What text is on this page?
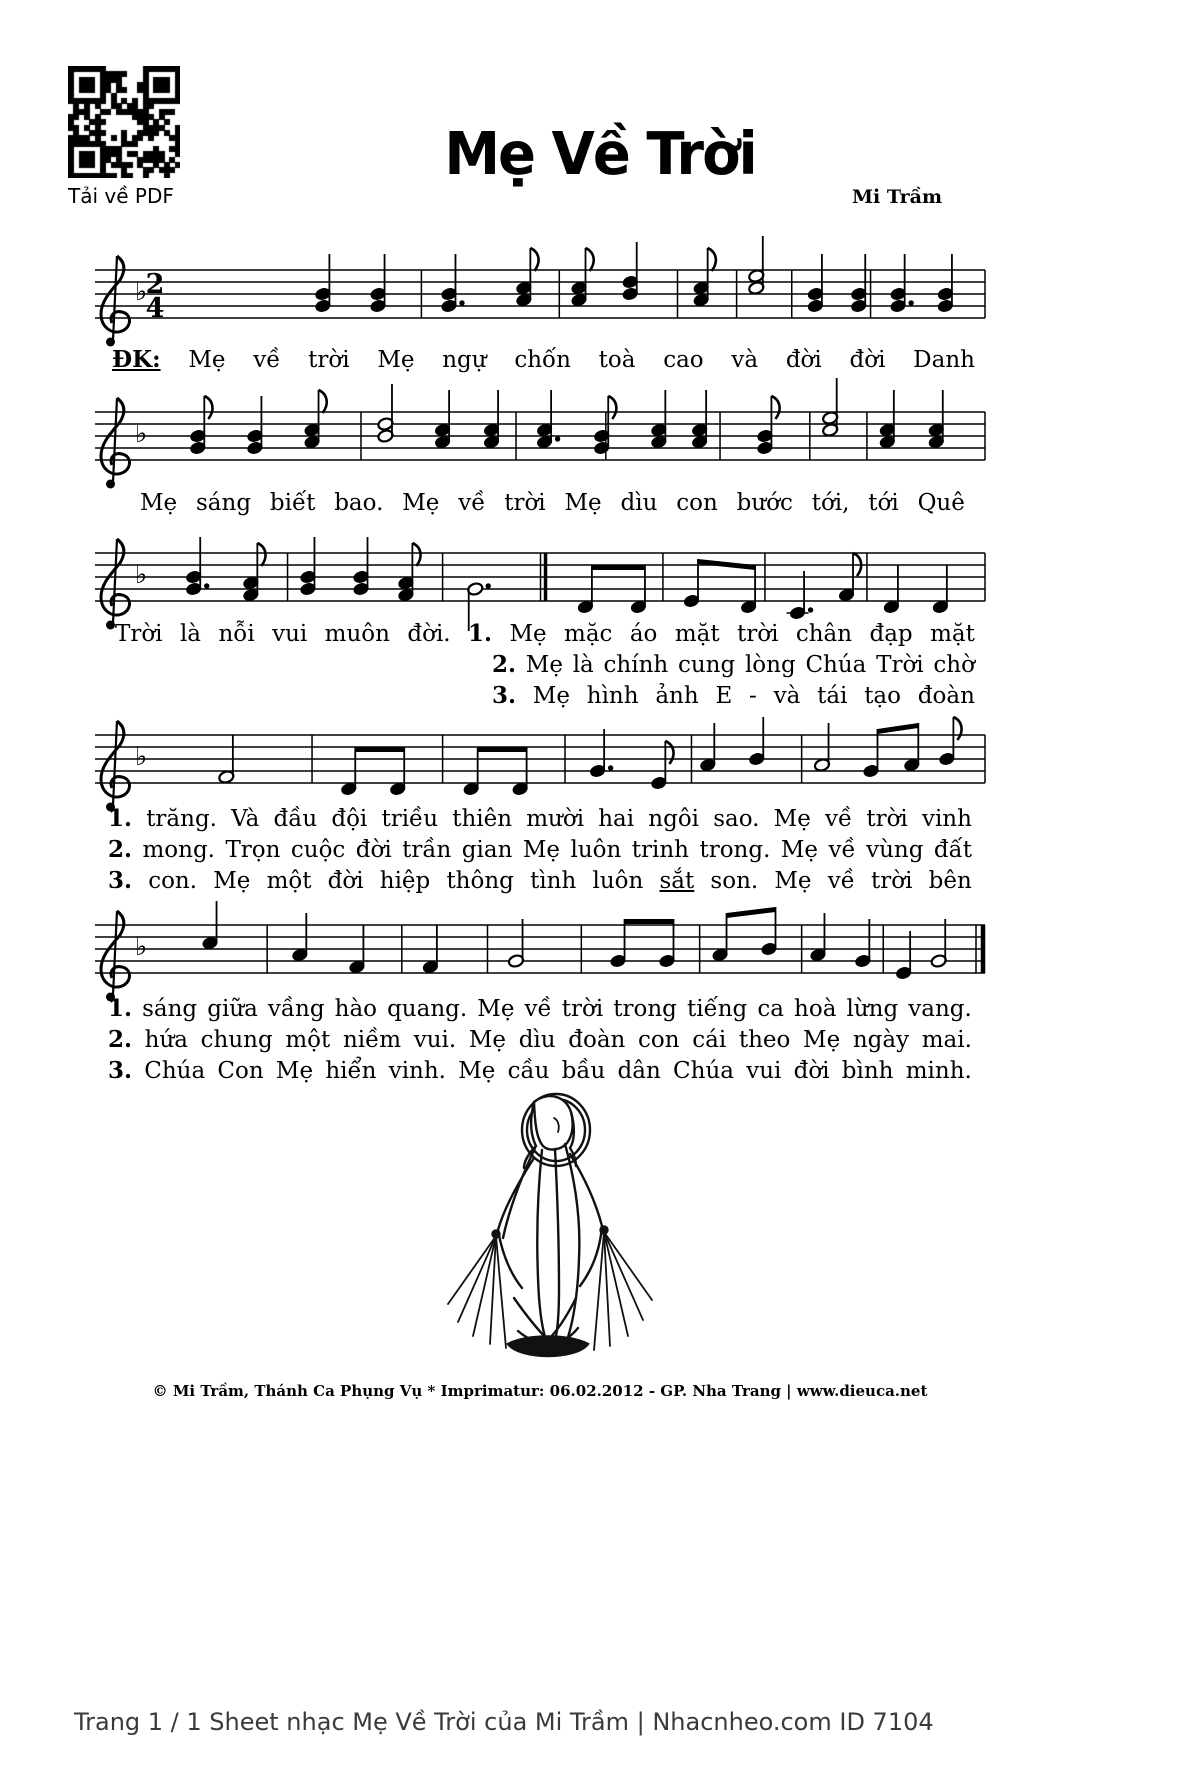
Tải về PDF
Mẹ Về Trời
Mi Trầm
♭
2
4
♭
♭
♭
♭
ĐK: Mẹ về trời Mẹ ngự chốn toà cao và đời đời Danh
Mẹ sáng biết bao. Mẹ về trời Mẹ dìu con bước tới, tới Quê
Trời là nỗi vui muôn đời. 1. Mẹ mặc áo mặt trời chân đạp mặt
2. Mẹ là chính cung lòng Chúa Trời chờ
3. Mẹ hình ảnh E - và tái tạo đoàn
1. trăng. Và đầu đội triều thiên mười hai ngôi sao. Mẹ về trời vinh
2. mong. Trọn cuộc đời trần gian Mẹ luôn trinh trong. Mẹ về vùng đất
3. con. Mẹ một đời hiệp thông tình luôn sắt son. Mẹ về trời bên
1. sáng giữa vầng hào quang. Mẹ về trời trong tiếng ca hoà lừng vang.
2. hứa chung một niềm vui. Mẹ dìu đoàn con cái theo Mẹ ngày mai.
3. Chúa Con Mẹ hiển vinh. Mẹ cầu bầu dân Chúa vui đời bình minh.
© Mi Trầm, Thánh Ca Phụng Vụ * Imprimatur: 06.02.2012 - GP. Nha Trang | www.dieuca.net
Trang 1 / 1 Sheet nhạc Mẹ Về Trời của Mi Trầm | Nhacnheo.com ID 7104
